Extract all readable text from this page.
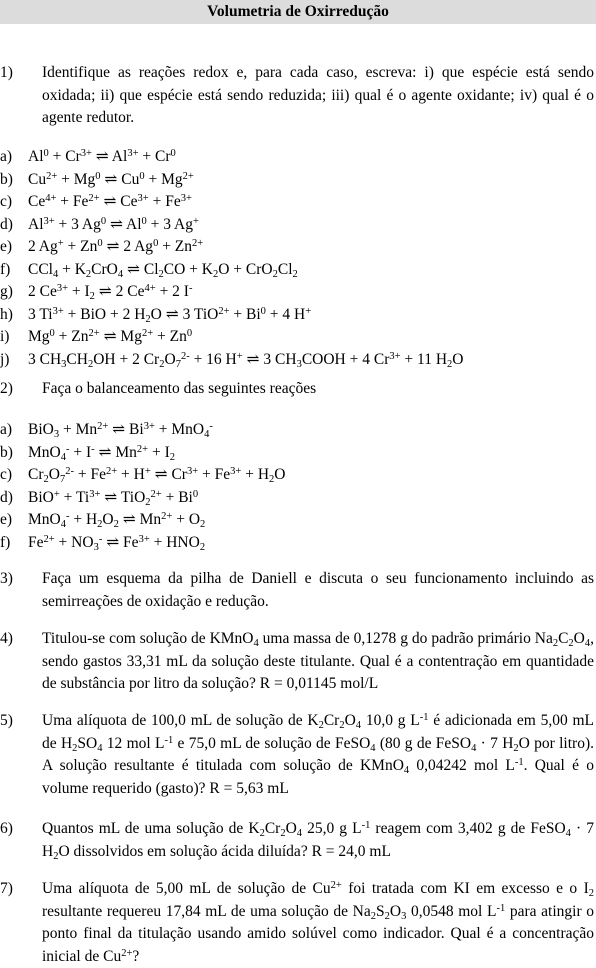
Volumetria de Oxirredução
1) Identifique as reações redox e, para cada caso, escreva: i) que espécie está sendo oxidada; ii) que espécie está sendo reduzida; iii) qual é o agente oxidante; iv) qual é o agente redutor.
a) $Al^0 + Cr^{3+}$ ⇌ $Al^{3+} + Cr^0$
b) $Cu^{2+} + Mg^0$ ⇌ $Cu^0 + Mg^{2+}$
c) $Ce^{4+} + Fe^{2+}$ ⇌ $Ce^{3+} + Fe^{3+}$
d) $Al^{3+} + 3$ Ag$^0$ ⇌ $Al^0 + 3$ Ag+
e) 2 $Ag^+ + Zn^0$ ⇌ 2 $Ag^0 + Zn^{2+}$
f) $CCl_4 + K_2CrO_4$ ⇌ $Cl_2CO + K_2O + CrO_2Cl_2$
g) 2 $Ce^{3+} + I_2$ ⇌ 2 $Ce^{4+} + 2$ I-
h) 3 $Ti^{3+}$ + BiO + 2 $H_2O$ ⇌ 3 $TiO^{2+} + Bi^0 + 4$ H+
i) $Mg^0 + Zn^{2+}$ ⇌ $Mg^{2+} + Zn^0$
j) 3 $CH_3CH_2OH + 2$ $Cr_2O_7^{2-} + 16$ H+ ⇌ 3 $CH_3COOH + 4$ $Cr^{3+} + 11$ $H_2O$
2) Faça o balanceamento das seguintes reações
a) $BiO_3 + Mn^{2+}$ ⇌ $Bi^{3+} + MnO_4^-$
b) MnO$_4$- + I- ⇌ $Mn^{2+} + I_2$
c) $Cr_2O_7^{2-} + Fe^{2+} + H^+$ ⇌ $Cr^{3+} + Fe^{3+} + H_2O$
d) $BiO^+ + Ti^{3+}$ ⇌ $TiO_2^{2+} + Bi^0$
e) $MnO_4^- + H_2O_2$ ⇌ $Mn^{2+} + O_2$
f) $Fe^{2+} + NO_3^-$ ⇌ $Fe^{3+} + HNO_2$
3) Faça um esquema da pilha de Daniell e discuta o seu funcionamento incluindo as semirreações de oxidação e redução.
4) Titulou-se com solução de KMnO$_4$ uma massa de 0,1278 g do padrão primário $Na_2C_2O_4$, sendo gastos 33,31 mL da solução deste titulante. Qual é a contentração em quantidade de substância por litro da solução? R = 0,01145 mol/L
5) Uma alíquota de 100,0 mL de solução de $K_2Cr_2O_4$ 10,0 g $L^{-1}$ é adicionada em 5,00 mL de $H_2SO_4$ 12 mol $L^{-1}$ e 75,0 mL de solução de FeSO$_4$ (80 g de FeSO$_4$ · 7 $H_2O$ por litro). A solução resultante é titulada com solução de KMnO$_4$ 0,04242 mol $L^{-1}$. Qual é o volume requerido (gasto)? R = 5,63 mL
6) Quantos mL de uma solução de $K_2Cr_2O_4$ 25,0 g $L^{-1}$ reagem com 3,402 g de FeSO$_4$ · 7 $H_2O$ dissolvidos em solução ácida diluída? R = 24,0 mL
7) Uma alíquota de 5,00 mL de solução de $Cu^{2+}$ foi tratada com KI em excesso e o $I_2$ resultante requereu 17,84 mL de uma solução de $Na_2S_2O_3$ 0,0548 mol $L^{-1}$ para atingir o ponto final da titulação usando amido solúvel como indicador. Qual é a concentração inicial de $Cu^{2+}$?
